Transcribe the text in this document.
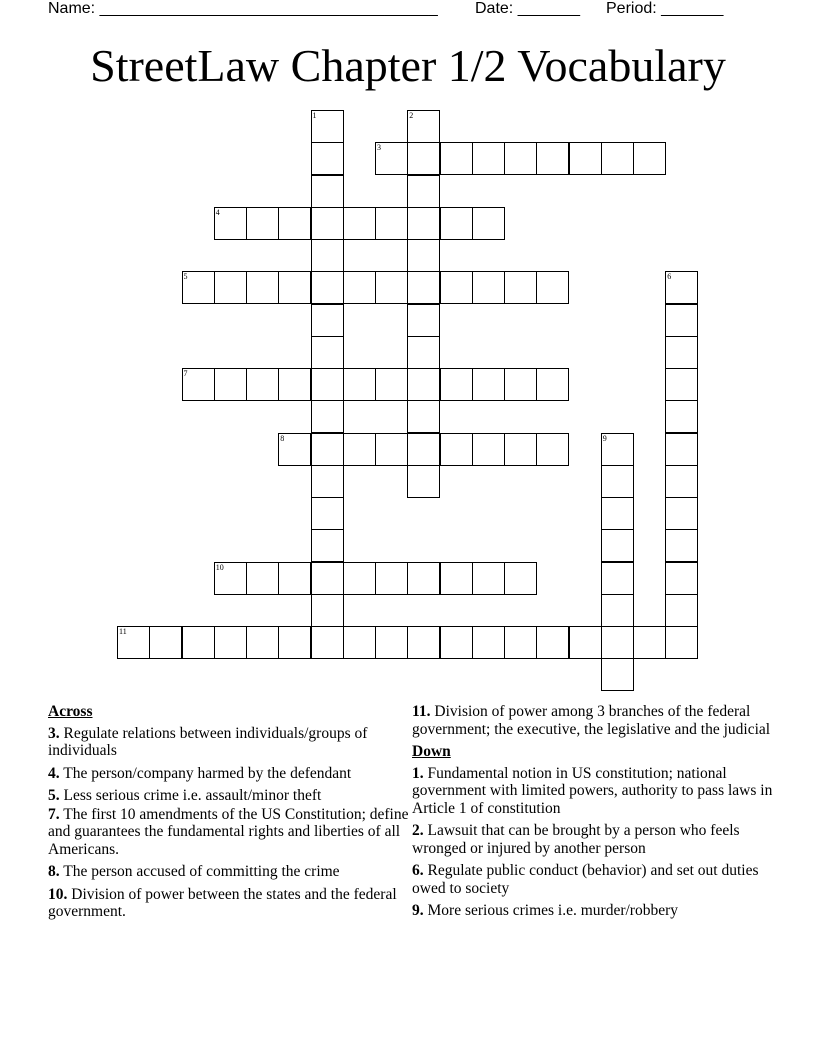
Name: ______________________________________ Date: _______ Period: _______
StreetLaw Chapter 1/2 Vocabulary
1	2
3
4
5	6
7
8	9
10
11
Across
3. Regulate relations between individuals/groups of individuals
4. The person/company harmed by the defendant
5. Less serious crime i.e. assault/minor theft
7. The first 10 amendments of the US Constitution; define and guarantees the fundamental rights and liberties of all Americans.
8. The person accused of committing the crime
10. Division of power between the states and the federal government.
11. Division of power among 3 branches of the federal government; the executive, the legislative and the judicial
Down
1. Fundamental notion in US constitution; national government with limited powers, authority to pass laws in Article 1 of constitution
2. Lawsuit that can be brought by a person who feels wronged or injured by another person
6. Regulate public conduct (behavior) and set out duties owed to society
9. More serious crimes i.e. murder/robbery
